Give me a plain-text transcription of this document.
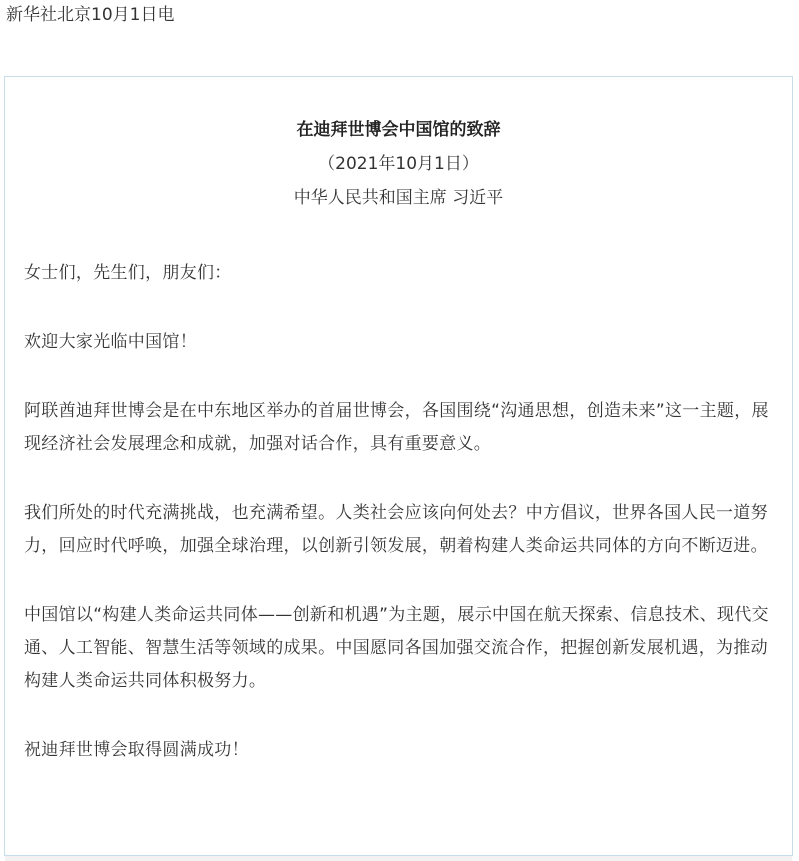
新华社北京10月1日电
在迪拜世博会中国馆的致辞
（2021年10月1日）
中华人民共和国主席 习近平

女士们，先生们，朋友们：

欢迎大家光临中国馆！

阿联酋迪拜世博会是在中东地区举办的首届世博会，各国围绕“沟通思想，创造未来”这一主题，展现经济社会发展理念和成就，加强对话合作，具有重要意义。

我们所处的时代充满挑战，也充满希望。人类社会应该向何处去？中方倡议，世界各国人民一道努力，回应时代呼唤，加强全球治理，以创新引领发展，朝着构建人类命运共同体的方向不断迈进。

中国馆以“构建人类命运共同体——创新和机遇”为主题，展示中国在航天探索、信息技术、现代交通、人工智能、智慧生活等领域的成果。中国愿同各国加强交流合作，把握创新发展机遇，为推动构建人类命运共同体积极努力。

祝迪拜世博会取得圆满成功！
